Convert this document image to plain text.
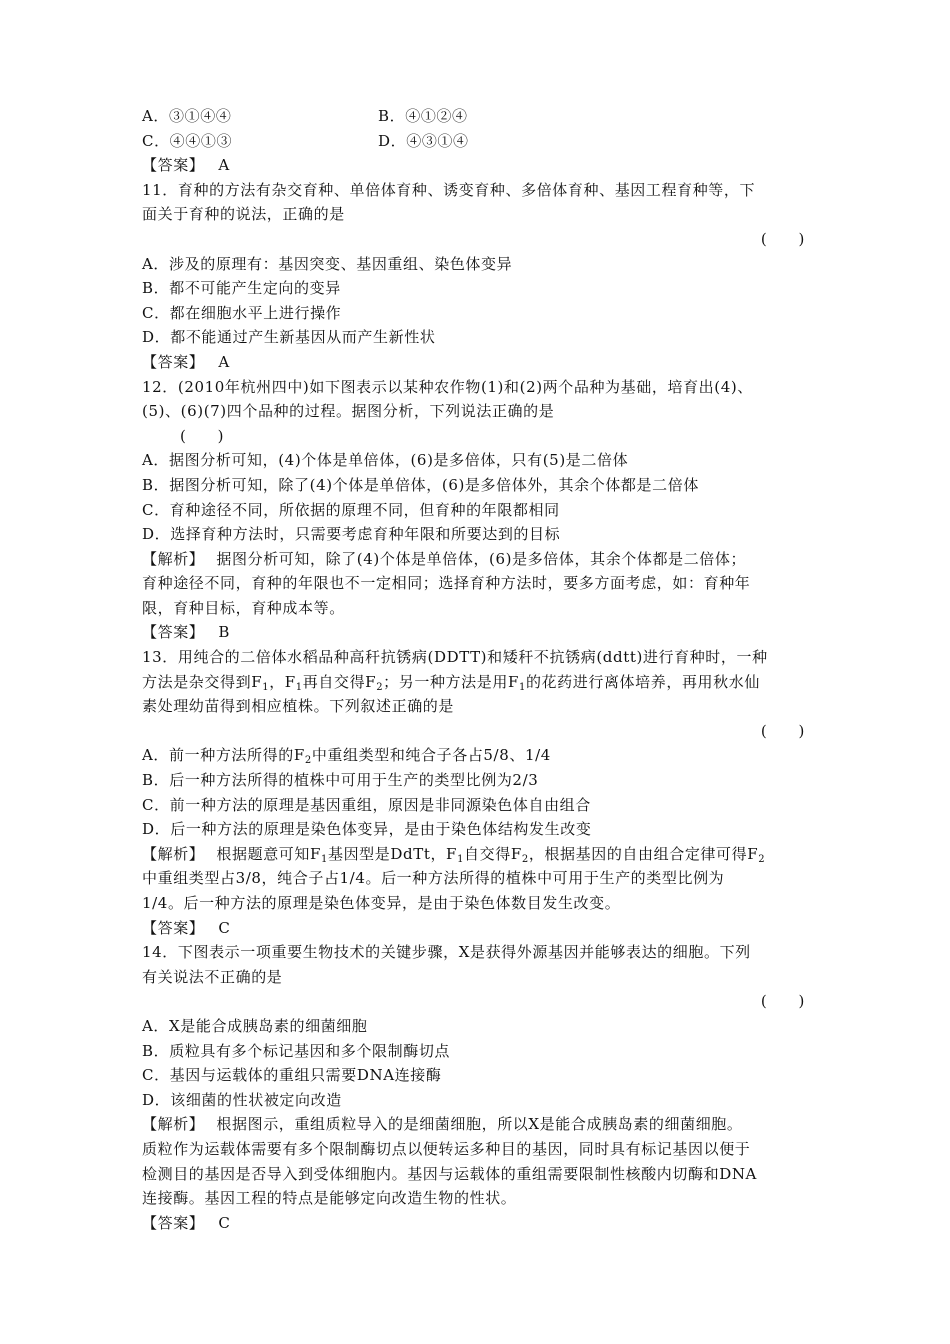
A．③①④④	B．④①②④
C．④④①③	D．④③①④
【答案】 A
11．育种的方法有杂交育种、单倍体育种、诱变育种、多倍体育种、基因工程育种等，下
面关于育种的说法，正确的是
(　　)
A．涉及的原理有：基因突变、基因重组、染色体变异
B．都不可能产生定向的变异
C．都在细胞水平上进行操作
D．都不能通过产生新基因从而产生新性状
【答案】 A
12．(2010年杭州四中)如下图表示以某种农作物(1)和(2)两个品种为基础，培育出(4)、
(5)、(6)(7)四个品种的过程。据图分析，下列说法正确的是
(　　)
A．据图分析可知，(4)个体是单倍体，(6)是多倍体，只有(5)是二倍体
B．据图分析可知，除了(4)个体是单倍体，(6)是多倍体外，其余个体都是二倍体
C．育种途径不同，所依据的原理不同，但育种的年限都相同
D．选择育种方法时，只需要考虑育种年限和所要达到的目标
【解析】 据图分析可知，除了(4)个体是单倍体，(6)是多倍体，其余个体都是二倍体；
育种途径不同，育种的年限也不一定相同；选择育种方法时，要多方面考虑，如：育种年
限，育种目标，育种成本等。
【答案】 B
13．用纯合的二倍体水稻品种高秆抗锈病(DDTT)和矮秆不抗锈病(ddtt)进行育种时，一种
方法是杂交得到$F_1$，$F_1$再自交得$F_2$；另一种方法是用$F_1$的花药进行离体培养，再用秋水仙
素处理幼苗得到相应植株。下列叙述正确的是
(　　)
A．前一种方法所得的$F_2$中重组类型和纯合子各占5/8、1/4
B．后一种方法所得的植株中可用于生产的类型比例为2/3
C．前一种方法的原理是基因重组，原因是非同源染色体自由组合
D．后一种方法的原理是染色体变异，是由于染色体结构发生改变
【解析】 根据题意可知$F_1$基因型是DdTt，$F_1$自交得$F_2$，根据基因的自由组合定律可得$F_2$
中重组类型占3/8，纯合子占1/4。后一种方法所得的植株中可用于生产的类型比例为
1/4。后一种方法的原理是染色体变异，是由于染色体数目发生改变。
【答案】 C
14．下图表示一项重要生物技术的关键步骤，X是获得外源基因并能够表达的细胞。下列
有关说法不正确的是
(　　)
A．X是能合成胰岛素的细菌细胞
B．质粒具有多个标记基因和多个限制酶切点
C．基因与运载体的重组只需要DNA连接酶
D．该细菌的性状被定向改造
【解析】 根据图示，重组质粒导入的是细菌细胞，所以X是能合成胰岛素的细菌细胞。
质粒作为运载体需要有多个限制酶切点以便转运多种目的基因，同时具有标记基因以便于
检测目的基因是否导入到受体细胞内。基因与运载体的重组需要限制性核酸内切酶和DNA
连接酶。基因工程的特点是能够定向改造生物的性状。
【答案】 C
